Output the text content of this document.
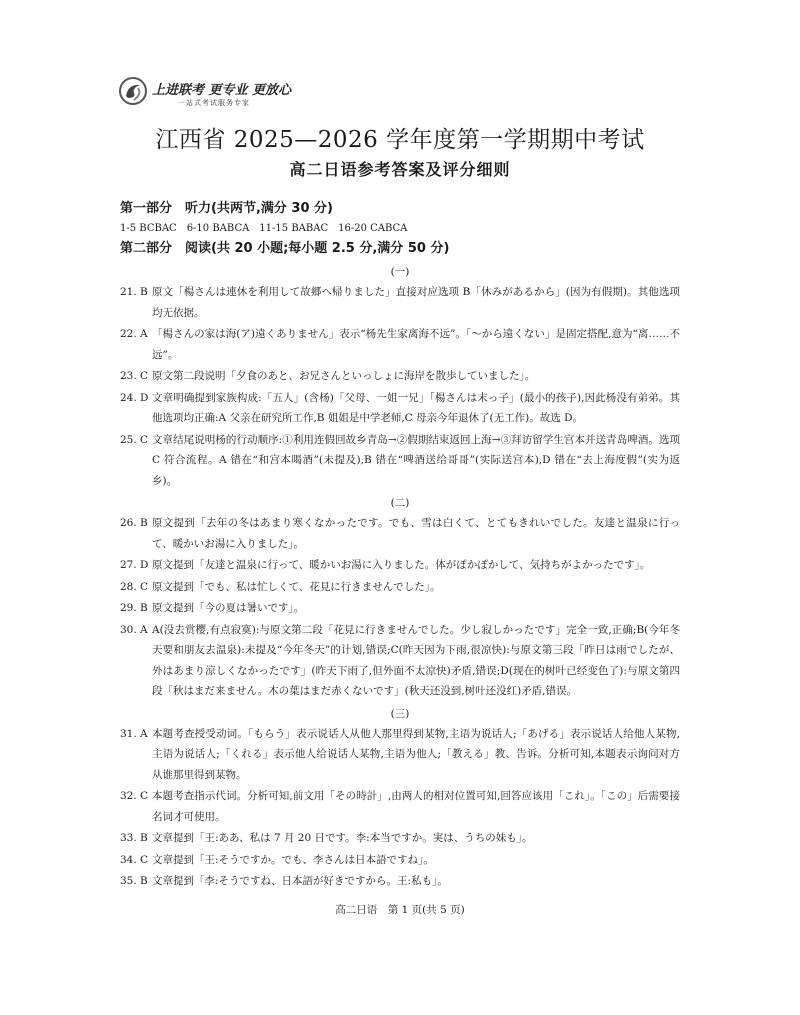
上进联考 更专业 更放心
一站式考试服务专家
江西省 2025—2026 学年度第一学期期中考试
高二日语参考答案及评分细则
第一部分　听力(共两节,满分 30 分)
1-5 BCBAC　6-10 BABCA　11-15 BABAC　16-20 CABCA
第二部分　阅读(共 20 小题;每小题 2.5 分,满分 50 分)
(一)
21. B 原文「楊さんは連休を利用して故郷へ帰りました」直接对应选项 B「休みがあるから」(因为有假期)。其他选项均无依据。
22. A 「楊さんの家は海(ア)遠くありません」表示“杨先生家离海不远”。「～から遠くない」是固定搭配,意为“离……不远”。
23. C 原文第二段说明「夕食のあと、お兄さんといっしょに海岸を散歩していました」。
24. D 文章明确提到家族构成:「五人」(含杨)「父母、一姐一兄」「楊さんは末っ子」(最小的孩子),因此杨没有弟弟。其他选项均正确:A 父亲在研究所工作,B 姐姐是中学老师,C 母亲今年退休了(无工作)。故选 D。
25. C 文章结尾说明杨的行动顺序:①利用连假回故乡青岛→②假期结束返回上海→③拜访留学生宫本并送青岛啤酒。选项 C 符合流程。A 错在“和宫本喝酒”(未提及),B 错在“啤酒送给哥哥”(实际送宫本),D 错在“去上海度假”(实为返乡)。
(二)
26. B 原文提到「去年の冬はあまり寒くなかったです。でも、雪は白くて、とてもきれいでした。友達と温泉に行って、暖かいお湯に入りました」。
27. D 原文提到「友達と温泉に行って、暖かいお湯に入りました。体がぽかぽかして、気持ちがよかったです」。
28. C 原文提到「でも、私は忙しくて、花見に行きませんでした」。
29. B 原文提到「今の夏は暑いです」。
30. A A(没去赏樱,有点寂寞):与原文第二段「花見に行きませんでした。少し寂しかったです」完全一致,正确;B(今年冬天要和朋友去温泉):未提及“今年冬天”的计划,错误;C(昨天因为下雨,很凉快):与原文第三段「昨日は雨でしたが、外はあまり涼しくなかったです」(昨天下雨了,但外面不太凉快)矛盾,错误;D(现在的树叶已经变色了):与原文第四段「秋はまだ来ません。木の葉はまだ赤くないです」(秋天还没到,树叶还没红)矛盾,错误。
(三)
31. A 本题考查授受动词。「もらう」表示说话人从他人那里得到某物,主语为说话人;「あげる」表示说话人给他人某物,主语为说话人;「くれる」表示他人给说话人某物,主语为他人;「教える」教、告诉。分析可知,本题表示询问对方从谁那里得到某物。
32. C 本题考查指示代词。分析可知,前文用「その時計」,由两人的相对位置可知,回答应该用「これ」。「この」后需要接名词才可使用。
33. B 文章提到「王:ああ、私は 7 月 20 日です。李:本当ですか。実は、うちの妹も」。
34. C 文章提到「王:そうですか。でも、李さんは日本語ですね」。
35. B 文章提到「李:そうですね、日本語が好きですから。王:私も」。
高二日语　第 1 页(共 5 页)
